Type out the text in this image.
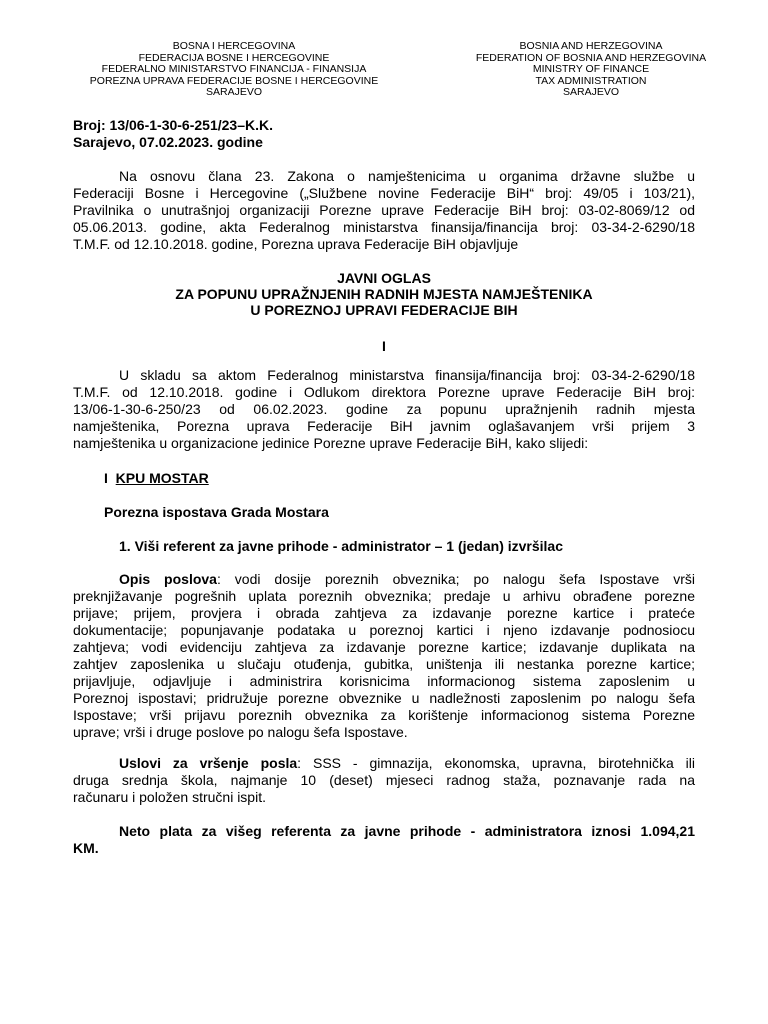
BOSNA I HERCEGOVINA
FEDERACIJA BOSNE I HERCEGOVINE
FEDERALNO MINISTARSTVO FINANCIJA - FINANSIJA
POREZNA UPRAVA FEDERACIJE BOSNE I HERCEGOVINE
SARAJEVO
BOSNIA AND HERZEGOVINA
FEDERATION OF BOSNIA AND HERZEGOVINA
MINISTRY OF FINANCE
TAX ADMINISTRATION
SARAJEVO
Broj: 13/06-1-30-6-251/23–K.K.
Sarajevo, 07.02.2023. godine
Na osnovu člana 23. Zakona o namještenicima u organima državne službe u
Federaciji Bosne i Hercegovine („Službene novine Federacije BiH“ broj: 49/05 i 103/21),
Pravilnika o unutrašnjoj organizaciji Porezne uprave Federacije BiH broj: 03-02-8069/12 od
05.06.2013. godine, akta Federalnog ministarstva finansija/financija broj: 03-34-2-6290/18
T.M.F. od 12.10.2018. godine, Porezna uprava Federacije BiH objavljuje
JAVNI OGLAS
ZA POPUNU UPRAŽNJENIH RADNIH MJESTA NAMJEŠTENIKA
U POREZNOJ UPRAVI FEDERACIJE BIH
I
U skladu sa aktom Federalnog ministarstva finansija/financija broj: 03-34-2-6290/18
T.M.F. od 12.10.2018. godine i Odlukom direktora Porezne uprave Federacije BiH broj:
13/06-1-30-6-250/23 od 06.02.2023. godine za popunu upražnjenih radnih mjesta
namještenika, Porezna uprava Federacije BiH javnim oglašavanjem vrši prijem 3
namještenika u organizacione jedinice Porezne uprave Federacije BiH, kako slijedi:
I KPU MOSTAR
Porezna ispostava Grada Mostara
1. Viši referent za javne prihode - administrator – 1 (jedan) izvršilac
Opis poslova: vodi dosije poreznih obveznika; po nalogu šefa Ispostave vrši
preknjižavanje pogrešnih uplata poreznih obveznika; predaje u arhivu obrađene porezne
prijave; prijem, provjera i obrada zahtjeva za izdavanje porezne kartice i prateće
dokumentacije; popunjavanje podataka u poreznoj kartici i njeno izdavanje podnosiocu
zahtjeva; vodi evidenciju zahtjeva za izdavanje porezne kartice; izdavanje duplikata na
zahtjev zaposlenika u slučaju otuđenja, gubitka, uništenja ili nestanka porezne kartice;
prijavljuje, odjavljuje i administrira korisnicima informacionog sistema zaposlenim u
Poreznoj ispostavi; pridružuje porezne obveznike u nadležnosti zaposlenim po nalogu šefa
Ispostave; vrši prijavu poreznih obveznika za korištenje informacionog sistema Porezne
uprave; vrši i druge poslove po nalogu šefa Ispostave.
Uslovi za vršenje posla: SSS - gimnazija, ekonomska, upravna, birotehnička ili
druga srednja škola, najmanje 10 (deset) mjeseci radnog staža, poznavanje rada na
računaru i položen stručni ispit.
Neto plata za višeg referenta za javne prihode - administratora iznosi 1.094,21
KM.
